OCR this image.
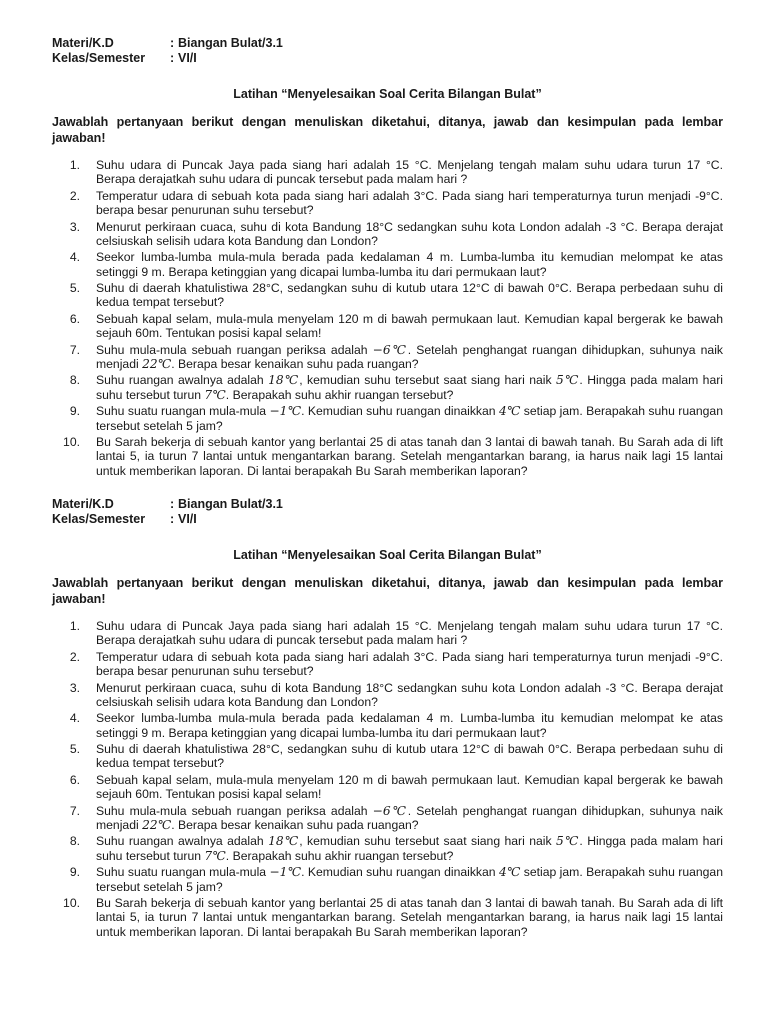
Materi/K.D	: Biangan Bulat/3.1
Kelas/Semester	: VI/I
Latihan “Menyelesaikan Soal Cerita Bilangan Bulat”
Jawablah pertanyaan berikut dengan menuliskan diketahui, ditanya, jawab dan kesimpulan pada lembar jawaban!
1.	Suhu udara di Puncak Jaya pada siang hari adalah 15 °C. Menjelang tengah malam suhu udara turun 17 °C. Berapa derajatkah suhu udara di puncak tersebut pada malam hari ?
2.	Temperatur udara di sebuah kota pada siang hari adalah 3°C. Pada siang hari temperaturnya turun menjadi -9°C. berapa besar penurunan suhu tersebut?
3.	Menurut perkiraan cuaca, suhu di kota Bandung 18°C sedangkan suhu kota London adalah -3 °C. Berapa derajat celsiuskah selisih udara kota Bandung dan London?
4.	Seekor lumba-lumba mula-mula berada pada kedalaman 4 m. Lumba-lumba itu kemudian melompat ke atas setinggi 9 m. Berapa ketinggian yang dicapai lumba-lumba itu dari permukaan laut?
5.	Suhu di daerah khatulistiwa 28°C, sedangkan suhu di kutub utara 12°C di bawah 0°C. Berapa perbedaan suhu di kedua tempat tersebut?
6.	Sebuah kapal selam, mula-mula menyelam 120 m di bawah permukaan laut. Kemudian kapal bergerak ke bawah sejauh 60m. Tentukan posisi kapal selam!
7.	Suhu mula-mula sebuah ruangan periksa adalah −6℃. Setelah penghangat ruangan dihidupkan, suhunya naik menjadi 22℃. Berapa besar kenaikan suhu pada ruangan?
8.	Suhu ruangan awalnya adalah 18℃, kemudian suhu tersebut saat siang hari naik 5℃. Hingga pada malam hari suhu tersebut turun 7℃. Berapakah suhu akhir ruangan tersebut?
9.	Suhu suatu ruangan mula-mula −1℃. Kemudian suhu ruangan dinaikkan 4℃ setiap jam. Berapakah suhu ruangan tersebut setelah 5 jam?
10.	Bu Sarah bekerja di sebuah kantor yang berlantai 25 di atas tanah dan 3 lantai di bawah tanah. Bu Sarah ada di lift lantai 5, ia turun 7 lantai untuk mengantarkan barang. Setelah mengantarkan barang, ia harus naik lagi 15 lantai untuk memberikan laporan. Di lantai berapakah Bu Sarah memberikan laporan?
Materi/K.D	: Biangan Bulat/3.1
Kelas/Semester	: VI/I
Latihan “Menyelesaikan Soal Cerita Bilangan Bulat”
Jawablah pertanyaan berikut dengan menuliskan diketahui, ditanya, jawab dan kesimpulan pada lembar jawaban!
1.	Suhu udara di Puncak Jaya pada siang hari adalah 15 °C. Menjelang tengah malam suhu udara turun 17 °C. Berapa derajatkah suhu udara di puncak tersebut pada malam hari ?
2.	Temperatur udara di sebuah kota pada siang hari adalah 3°C. Pada siang hari temperaturnya turun menjadi -9°C. berapa besar penurunan suhu tersebut?
3.	Menurut perkiraan cuaca, suhu di kota Bandung 18°C sedangkan suhu kota London adalah -3 °C. Berapa derajat celsiuskah selisih udara kota Bandung dan London?
4.	Seekor lumba-lumba mula-mula berada pada kedalaman 4 m. Lumba-lumba itu kemudian melompat ke atas setinggi 9 m. Berapa ketinggian yang dicapai lumba-lumba itu dari permukaan laut?
5.	Suhu di daerah khatulistiwa 28°C, sedangkan suhu di kutub utara 12°C di bawah 0°C. Berapa perbedaan suhu di kedua tempat tersebut?
6.	Sebuah kapal selam, mula-mula menyelam 120 m di bawah permukaan laut. Kemudian kapal bergerak ke bawah sejauh 60m. Tentukan posisi kapal selam!
7.	Suhu mula-mula sebuah ruangan periksa adalah −6℃. Setelah penghangat ruangan dihidupkan, suhunya naik menjadi 22℃. Berapa besar kenaikan suhu pada ruangan?
8.	Suhu ruangan awalnya adalah 18℃, kemudian suhu tersebut saat siang hari naik 5℃. Hingga pada malam hari suhu tersebut turun 7℃. Berapakah suhu akhir ruangan tersebut?
9.	Suhu suatu ruangan mula-mula −1℃. Kemudian suhu ruangan dinaikkan 4℃ setiap jam. Berapakah suhu ruangan tersebut setelah 5 jam?
10.	Bu Sarah bekerja di sebuah kantor yang berlantai 25 di atas tanah dan 3 lantai di bawah tanah. Bu Sarah ada di lift lantai 5, ia turun 7 lantai untuk mengantarkan barang. Setelah mengantarkan barang, ia harus naik lagi 15 lantai untuk memberikan laporan. Di lantai berapakah Bu Sarah memberikan laporan?
